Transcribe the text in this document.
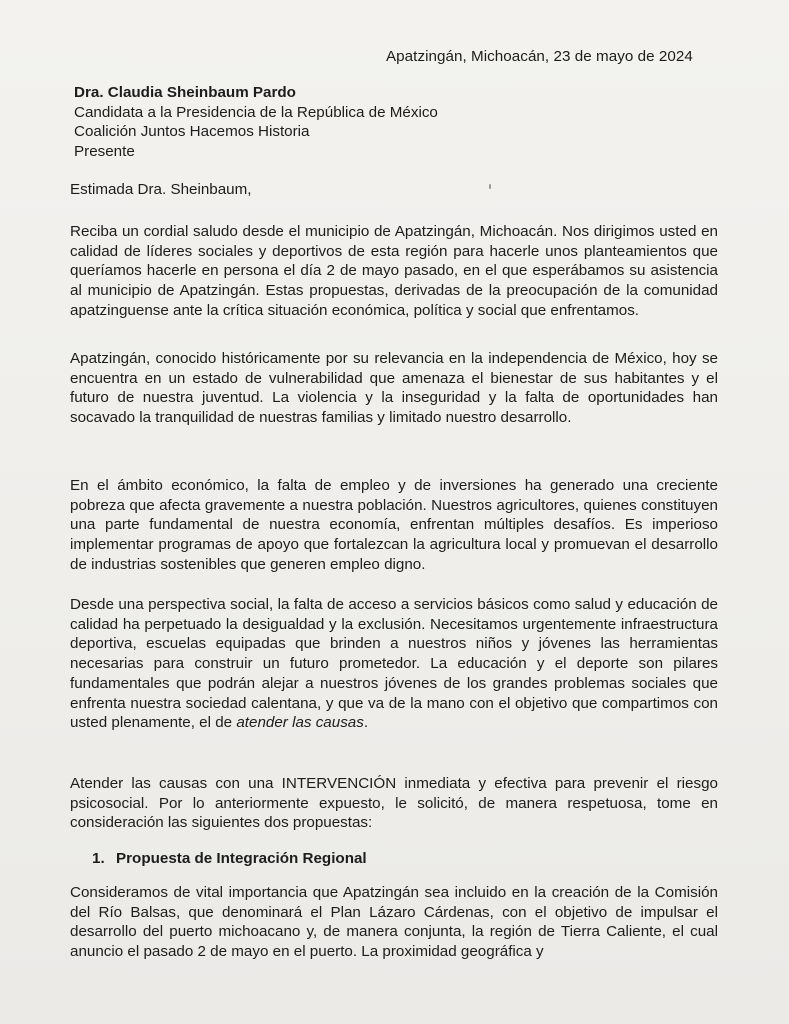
Apatzingán, Michoacán, 23 de mayo de 2024
Dra. Claudia Sheinbaum Pardo
Candidata a la Presidencia de la República de México
Coalición Juntos Hacemos Historia
Presente
Estimada Dra. Sheinbaum,

Reciba un cordial saludo desde el municipio de Apatzingán, Michoacán. Nos dirigimos usted en calidad de líderes sociales y deportivos de esta región para hacerle unos planteamientos que queríamos hacerle en persona el día 2 de mayo pasado, en el que esperábamos su asistencia al municipio de Apatzingán. Estas propuestas, derivadas de la preocupación de la comunidad apatzinguense ante la crítica situación económica, política y social que enfrentamos.

Apatzingán, conocido históricamente por su relevancia en la independencia de México, hoy se encuentra en un estado de vulnerabilidad que amenaza el bienestar de sus habitantes y el futuro de nuestra juventud. La violencia y la inseguridad y la falta de oportunidades han socavado la tranquilidad de nuestras familias y limitado nuestro desarrollo.

En el ámbito económico, la falta de empleo y de inversiones ha generado una creciente pobreza que afecta gravemente a nuestra población. Nuestros agricultores, quienes constituyen una parte fundamental de nuestra economía, enfrentan múltiples desafíos. Es imperioso implementar programas de apoyo que fortalezcan la agricultura local y promuevan el desarrollo de industrias sostenibles que generen empleo digno.

Desde una perspectiva social, la falta de acceso a servicios básicos como salud y educación de calidad ha perpetuado la desigualdad y la exclusión. Necesitamos urgentemente infraestructura deportiva, escuelas equipadas que brinden a nuestros niños y jóvenes las herramientas necesarias para construir un futuro prometedor. La educación y el deporte son pilares fundamentales que podrán alejar a nuestros jóvenes de los grandes problemas sociales que enfrenta nuestra sociedad calentana, y que va de la mano con el objetivo que compartimos con usted plenamente, el de atender las causas.

Atender las causas con una INTERVENCIÓN inmediata y efectiva para prevenir el riesgo psicosocial. Por lo anteriormente expuesto, le solicitó, de manera respetuosa, tome en consideración las siguientes dos propuestas:

1. Propuesta de Integración Regional

Consideramos de vital importancia que Apatzingán sea incluido en la creación de la Comisión del Río Balsas, que denominará el Plan Lázaro Cárdenas, con el objetivo de impulsar el desarrollo del puerto michoacano y, de manera conjunta, la región de Tierra Caliente, el cual anuncio el pasado 2 de mayo en el puerto. La proximidad geográfica y
